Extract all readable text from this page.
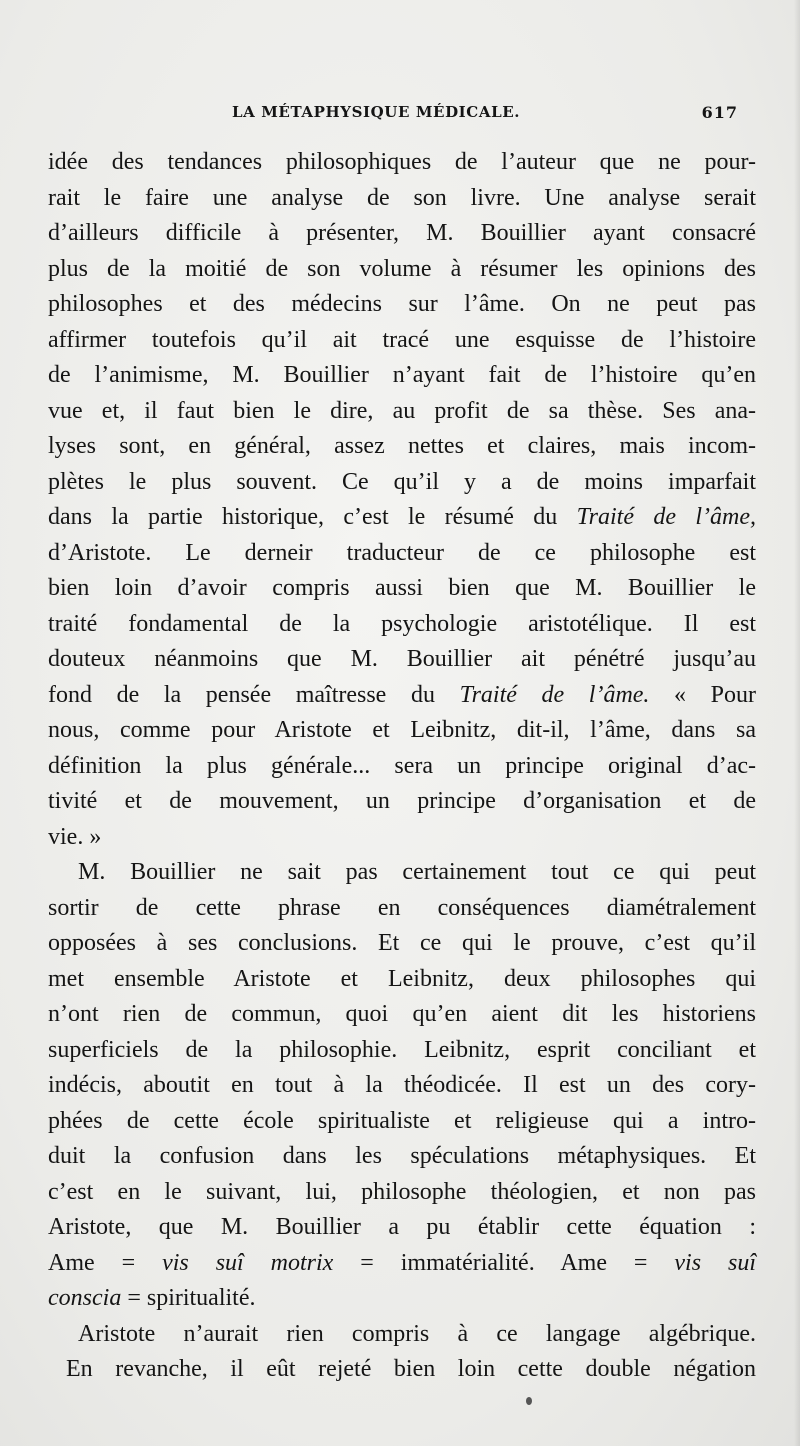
LA MÉTAPHYSIQUE MÉDICALE.	617
idée des tendances philosophiques de l’auteur que ne pour-
rait le faire une analyse de son livre. Une analyse serait
d’ailleurs difficile à présenter, M. Bouillier ayant consacré
plus de la moitié de son volume à résumer les opinions des
philosophes et des médecins sur l’âme. On ne peut pas
affirmer toutefois qu’il ait tracé une esquisse de l’histoire
de l’animisme, M. Bouillier n’ayant fait de l’histoire qu’en
vue et, il faut bien le dire, au profit de sa thèse. Ses ana-
lyses sont, en général, assez nettes et claires, mais incom-
plètes le plus souvent. Ce qu’il y a de moins imparfait
dans la partie historique, c’est le résumé du Traité de l’âme,
d’Aristote. Le derneir traducteur de ce philosophe est
bien loin d’avoir compris aussi bien que M. Bouillier le
traité fondamental de la psychologie aristotélique. Il est
douteux néanmoins que M. Bouillier ait pénétré jusqu’au
fond de la pensée maîtresse du Traité de l’âme. « Pour
nous, comme pour Aristote et Leibnitz, dit-il, l’âme, dans sa
définition la plus générale... sera un principe original d’ac-
tivité et de mouvement, un principe d’organisation et de
vie. »
M. Bouillier ne sait pas certainement tout ce qui peut
sortir de cette phrase en conséquences diamétralement
opposées à ses conclusions. Et ce qui le prouve, c’est qu’il
met ensemble Aristote et Leibnitz, deux philosophes qui
n’ont rien de commun, quoi qu’en aient dit les historiens
superficiels de la philosophie. Leibnitz, esprit conciliant et
indécis, aboutit en tout à la théodicée. Il est un des cory-
phées de cette école spiritualiste et religieuse qui a intro-
duit la confusion dans les spéculations métaphysiques. Et
c’est en le suivant, lui, philosophe théologien, et non pas
Aristote, que M. Bouillier a pu établir cette équation :
Ame = vis suî motrix = immatérialité. Ame = vis suî
conscia = spiritualité.
Aristote n’aurait rien compris à ce langage algébrique.
En revanche, il eût rejeté bien loin cette double négation
